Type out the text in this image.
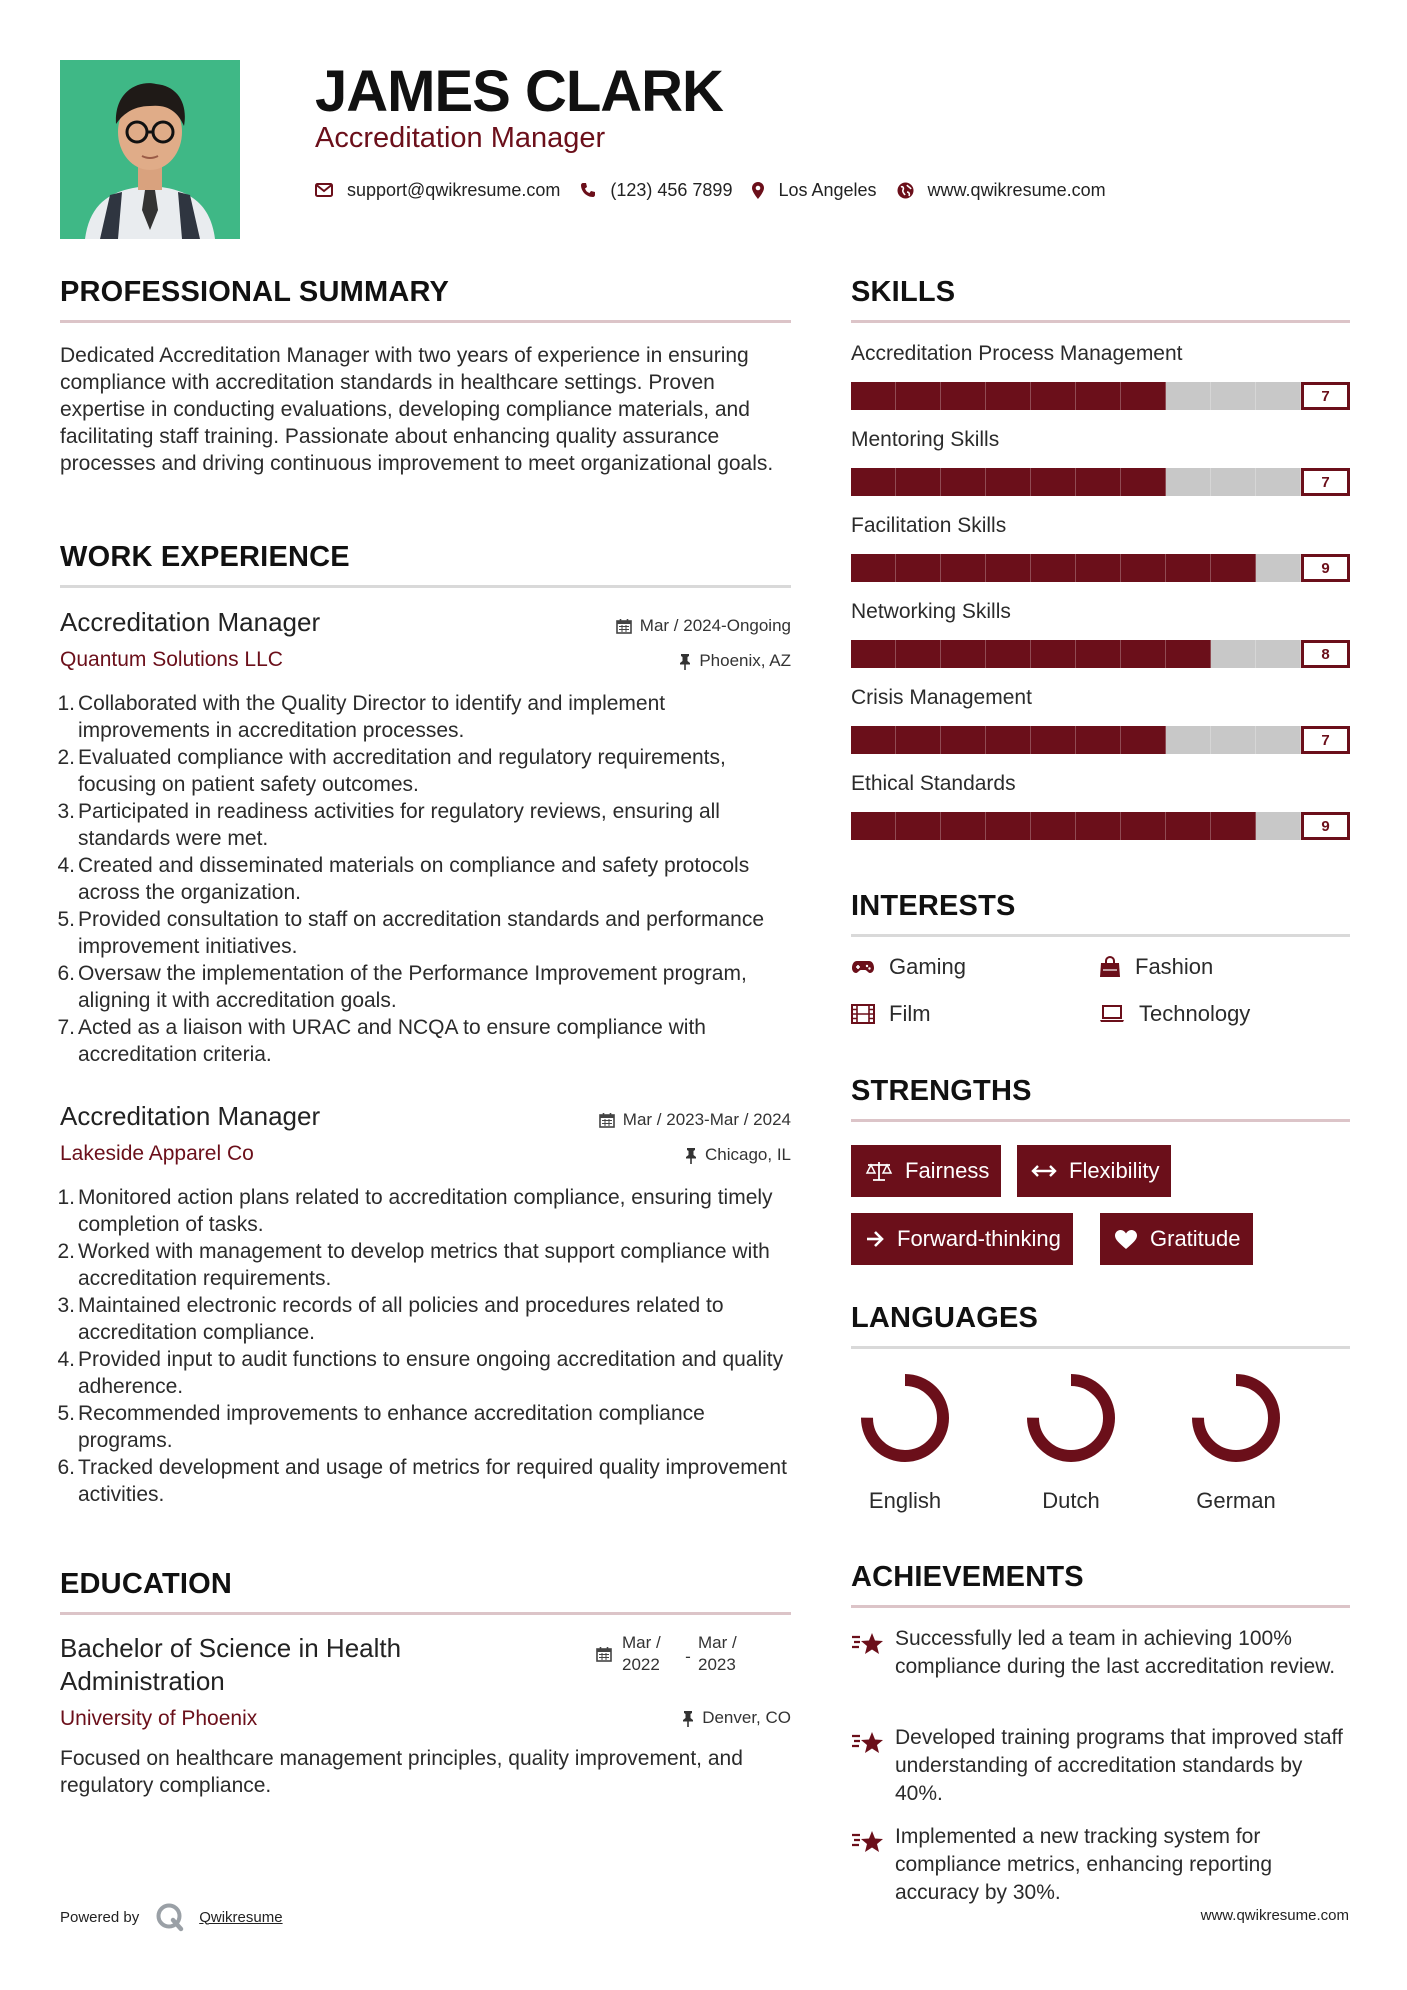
JAMES CLARK
Accreditation Manager
support@qwikresume.com	(123) 456 7899	Los Angeles	www.qwikresume.com
PROFESSIONAL SUMMARY
Dedicated Accreditation Manager with two years of experience in ensuring compliance with accreditation standards in healthcare settings. Proven expertise in conducting evaluations, developing compliance materials, and facilitating staff training. Passionate about enhancing quality assurance processes and driving continuous improvement to meet organizational goals.
WORK EXPERIENCE
Accreditation Manager	Mar / 2024-Ongoing
Quantum Solutions LLC	Phoenix, AZ
1. Collaborated with the Quality Director to identify and implement improvements in accreditation processes.
2. Evaluated compliance with accreditation and regulatory requirements, focusing on patient safety outcomes.
3. Participated in readiness activities for regulatory reviews, ensuring all standards were met.
4. Created and disseminated materials on compliance and safety protocols across the organization.
5. Provided consultation to staff on accreditation standards and performance improvement initiatives.
6. Oversaw the implementation of the Performance Improvement program, aligning it with accreditation goals.
7. Acted as a liaison with URAC and NCQA to ensure compliance with accreditation criteria.
Accreditation Manager	Mar / 2023-Mar / 2024
Lakeside Apparel Co	Chicago, IL
1. Monitored action plans related to accreditation compliance, ensuring timely completion of tasks.
2. Worked with management to develop metrics that support compliance with accreditation requirements.
3. Maintained electronic records of all policies and procedures related to accreditation compliance.
4. Provided input to audit functions to ensure ongoing accreditation and quality adherence.
5. Recommended improvements to enhance accreditation compliance programs.
6. Tracked development and usage of metrics for required quality improvement activities.
EDUCATION
Bachelor of Science in Health Administration
Mar / 2022	-
Mar / 2023
University of Phoenix	Denver, CO
Focused on healthcare management principles, quality improvement, and regulatory compliance.
SKILLS
Accreditation Process Management
7
Mentoring Skills
7
Facilitation Skills
9
Networking Skills
8
Crisis Management
7
Ethical Standards
9
INTERESTS
Gaming	Fashion
Film	Technology
STRENGTHS
Fairness	Flexibility
Forward-thinking	Gratitude
LANGUAGES
English	Dutch	German
ACHIEVEMENTS
Successfully led a team in achieving 100% compliance during the last accreditation review.
Developed training programs that improved staff understanding of accreditation standards by 40%.
Implemented a new tracking system for compliance metrics, enhancing reporting accuracy by 30%.
Powered by	Qwikresume	www.qwikresume.com
